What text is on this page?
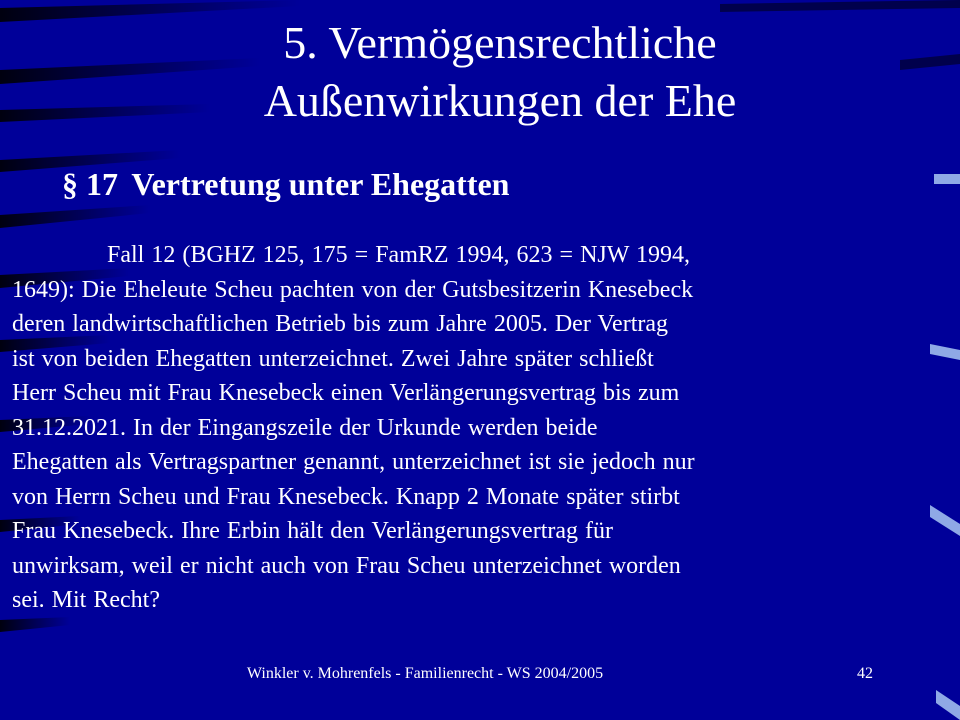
5. Vermögensrechtliche
Außenwirkungen der Ehe
§ 17 Vertretung unter Ehegatten
Fall 12 (BGHZ 125, 175 = FamRZ 1994, 623 = NJW 1994,
1649): Die Eheleute Scheu pachten von der Gutsbesitzerin Knesebeck
deren landwirtschaftlichen Betrieb bis zum Jahre 2005. Der Vertrag
ist von beiden Ehegatten unterzeichnet. Zwei Jahre später schließt
Herr Scheu mit Frau Knesebeck einen Verlängerungsvertrag bis zum
31.12.2021. In der Eingangszeile der Urkunde werden beide
Ehegatten als Vertragspartner genannt, unterzeichnet ist sie jedoch nur
von Herrn Scheu und Frau Knesebeck. Knapp 2 Monate später stirbt
Frau Knesebeck. Ihre Erbin hält den Verlängerungsvertrag für
unwirksam, weil er nicht auch von Frau Scheu unterzeichnet worden
sei. Mit Recht?
Winkler v. Mohrenfels - Familienrecht - WS 2004/2005	42
